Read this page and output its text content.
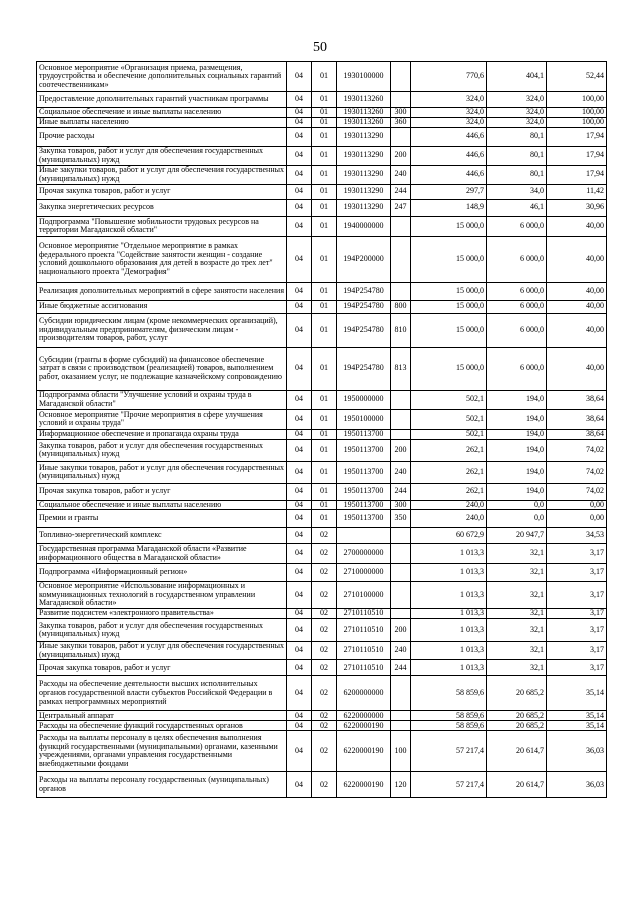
50
Основное мероприятие «Организация приема, размещения, трудоустройства и обеспечение дополнительных социальных гарантий соотечественникам»	04	01	1930100000		770,6	404,1	52,44
Предоставление дополнительных гарантий участникам программы	04	01	1930113260		324,0	324,0	100,00
Социальное обеспечение и иные выплаты населению	04	01	1930113260	300	324,0	324,0	100,00
Иные выплаты населению	04	01	1930113260	360	324,0	324,0	100,00
Прочие расходы	04	01	1930113290		446,6	80,1	17,94
Закупка товаров, работ и услуг для обеспечения государственных (муниципальных) нужд	04	01	1930113290	200	446,6	80,1	17,94
Иные закупки товаров, работ и услуг для обеспечения государственных (муниципальных) нужд	04	01	1930113290	240	446,6	80,1	17,94
Прочая закупка товаров, работ и услуг	04	01	1930113290	244	297,7	34,0	11,42
Закупка энергетических ресурсов	04	01	1930113290	247	148,9	46,1	30,96
Подпрограмма "Повышение мобильности трудовых ресурсов на территории Магаданской области"	04	01	1940000000		15 000,0	6 000,0	40,00
Основное мероприятие "Отдельное мероприятие в рамках федерального проекта "Содействие занятости женщин - создание условий дошкольного образования для детей в возрасте до трех лет" национального проекта "Демография"	04	01	194P200000		15 000,0	6 000,0	40,00
Реализация дополнительных мероприятий в сфере занятости населения	04	01	194P254780		15 000,0	6 000,0	40,00
Иные бюджетные ассигнования	04	01	194P254780	800	15 000,0	6 000,0	40,00
Субсидии юридическим лицам (кроме некоммерческих организаций), индивидуальным предпринимателям, физическим лицам - производителям товаров, работ, услуг	04	01	194P254780	810	15 000,0	6 000,0	40,00
Субсидии (гранты в форме субсидий) на финансовое обеспечение затрат в связи с производством (реализацией) товаров, выполнением работ, оказанием услуг, не подлежащие казначейскому сопровождению	04	01	194P254780	813	15 000,0	6 000,0	40,00
Подпрограмма области "Улучшение условий и охраны труда в Магаданской области"	04	01	1950000000		502,1	194,0	38,64
Основное мероприятие "Прочие мероприятия в сфере улучшения условий и охраны труда"	04	01	1950100000		502,1	194,0	38,64
Информационное обеспечение и пропаганда охраны труда	04	01	1950113700		502,1	194,0	38,64
Закупка товаров, работ и услуг для обеспечения государственных (муниципальных) нужд	04	01	1950113700	200	262,1	194,0	74,02
Иные закупки товаров, работ и услуг для обеспечения государственных (муниципальных) нужд	04	01	1950113700	240	262,1	194,0	74,02
Прочая закупка товаров, работ и услуг	04	01	1950113700	244	262,1	194,0	74,02
Социальное обеспечение и иные выплаты населению	04	01	1950113700	300	240,0	0,0	0,00
Премии и гранты	04	01	1950113700	350	240,0	0,0	0,00
Топливно-энергетический комплекс	04	02			60 672,9	20 947,7	34,53
Государственная программа Магаданской области «Развитие информационного общества в Магаданской области»	04	02	2700000000		1 013,3	32,1	3,17
Подпрограмма «Информационный регион»	04	02	2710000000		1 013,3	32,1	3,17
Основное мероприятие «Использование информационных и коммуникационных технологий в государственном управлении Магаданской области»	04	02	2710100000		1 013,3	32,1	3,17
Развитие подсистем «электронного правительства»	04	02	2710110510		1 013,3	32,1	3,17
Закупка товаров, работ и услуг для обеспечения государственных (муниципальных) нужд	04	02	2710110510	200	1 013,3	32,1	3,17
Иные закупки товаров, работ и услуг для обеспечения государственных (муниципальных) нужд	04	02	2710110510	240	1 013,3	32,1	3,17
Прочая закупка товаров, работ и услуг	04	02	2710110510	244	1 013,3	32,1	3,17
Расходы на обеспечение деятельности высших исполнительных органов государственной власти субъектов Российской Федерации в рамках непрограммных мероприятий	04	02	6200000000		58 859,6	20 685,2	35,14
Центральный аппарат	04	02	6220000000		58 859,6	20 685,2	35,14
Расходы на обеспечение функций государственных органов	04	02	6220000190		58 859,6	20 685,2	35,14
Расходы на выплаты персоналу в целях обеспечения выполнения функций государственными (муниципальными) органами, казенными учреждениями, органами управления государственными внебюджетными фондами	04	02	6220000190	100	57 217,4	20 614,7	36,03
Расходы на выплаты персоналу государственных (муниципальных) органов	04	02	6220000190	120	57 217,4	20 614,7	36,03
